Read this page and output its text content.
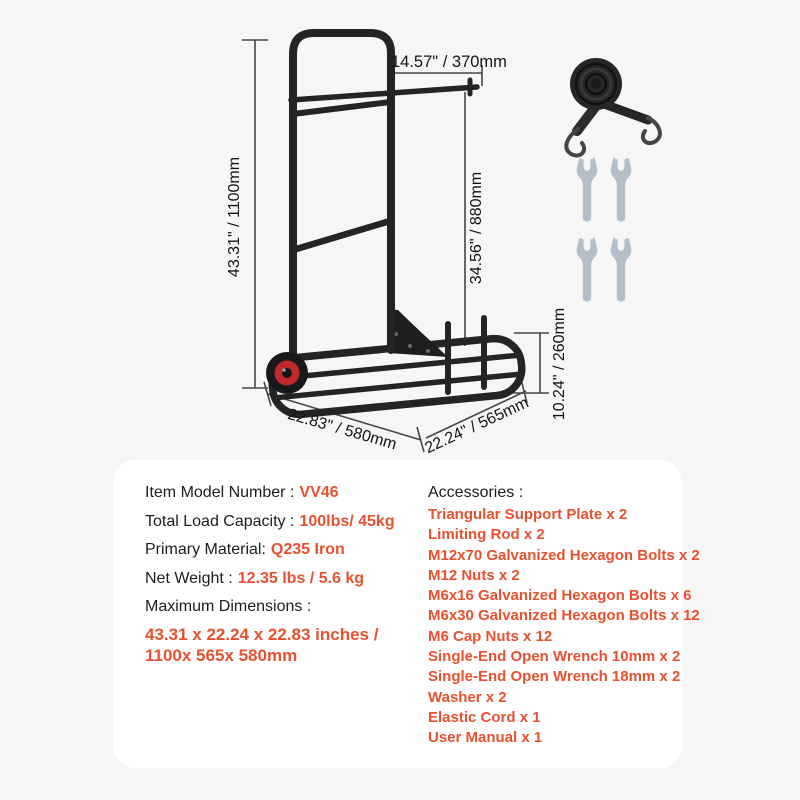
14.57" / 370mm
43.31" / 1100mm	34.56" / 880mm
10.24" / 260mm
22.83" / 580mm 22.24" / 565mm
Item Model Number : VV46
Total Load Capacity : 100lbs/ 45kg
Primary Material: Q235 Iron
Net Weight : 12.35 lbs / 5.6 kg
Maximum Dimensions :
43.31 x 22.24 x 22.83 inches /
1100x 565x 580mm
Accessories :
Triangular Support Plate x 2
Limiting Rod x 2
M12x70 Galvanized Hexagon Bolts x 2
M12 Nuts x 2
M6x16 Galvanized Hexagon Bolts x 6
M6x30 Galvanized Hexagon Bolts x 12
M6 Cap Nuts x 12
Single-End Open Wrench 10mm x 2
Single-End Open Wrench 18mm x 2
Washer x 2
Elastic Cord x 1
User Manual x 1
